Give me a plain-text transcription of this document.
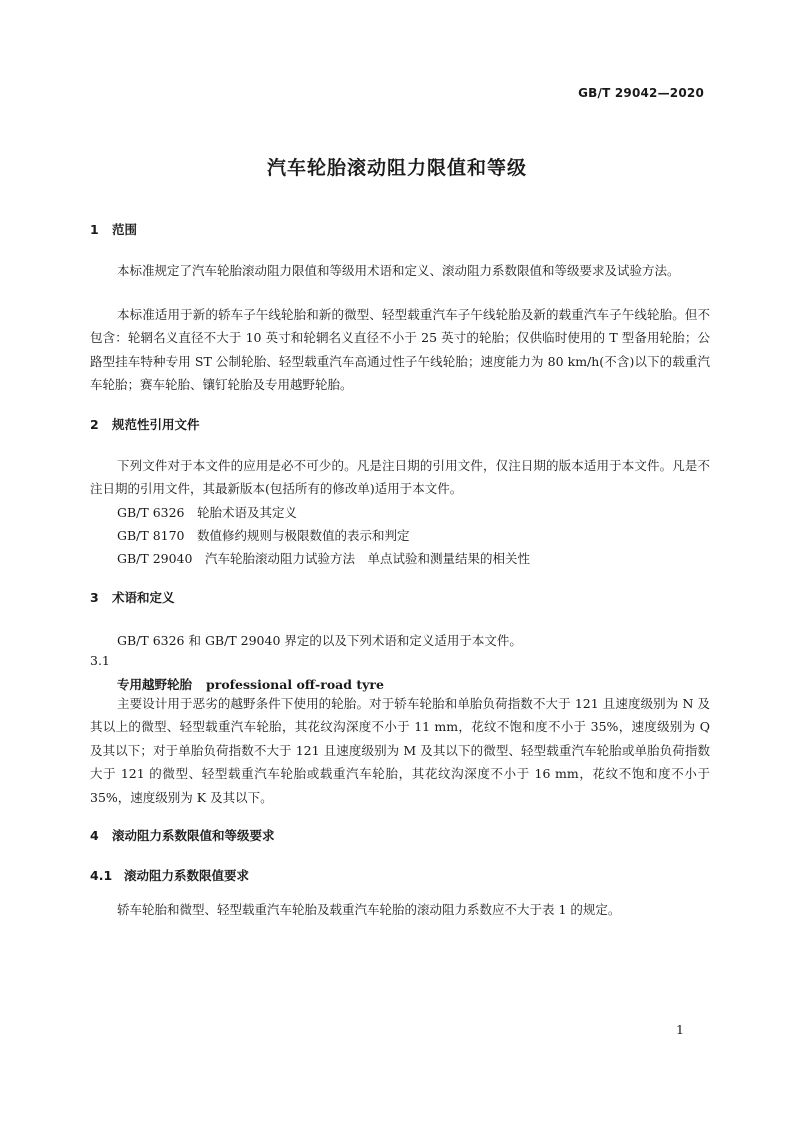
GB/T 29042—2020
汽车轮胎滚动阻力限值和等级
1 范围
本标准规定了汽车轮胎滚动阻力限值和等级用术语和定义、滚动阻力系数限值和等级要求及试验方法。
本标准适用于新的轿车子午线轮胎和新的微型、轻型载重汽车子午线轮胎及新的载重汽车子午线轮胎。但不包含：轮辋名义直径不大于 10 英寸和轮辋名义直径不小于 25 英寸的轮胎；仅供临时使用的 T 型备用轮胎；公路型挂车特种专用 ST 公制轮胎、轻型载重汽车高通过性子午线轮胎；速度能力为 80 km/h(不含)以下的载重汽车轮胎；赛车轮胎、镶钉轮胎及专用越野轮胎。
2 规范性引用文件
下列文件对于本文件的应用是必不可少的。凡是注日期的引用文件，仅注日期的版本适用于本文件。凡是不注日期的引用文件，其最新版本(包括所有的修改单)适用于本文件。
GB/T 6326　轮胎术语及其定义
GB/T 8170　数值修约规则与极限数值的表示和判定
GB/T 29040　汽车轮胎滚动阻力试验方法　单点试验和测量结果的相关性
3 术语和定义
GB/T 6326 和 GB/T 29040 界定的以及下列术语和定义适用于本文件。
3.1
专用越野轮胎 professional off-road tyre
主要设计用于恶劣的越野条件下使用的轮胎。对于轿车轮胎和单胎负荷指数不大于 121 且速度级别为 N 及其以上的微型、轻型载重汽车轮胎，其花纹沟深度不小于 11 mm，花纹不饱和度不小于 35%，速度级别为 Q 及其以下；对于单胎负荷指数不大于 121 且速度级别为 M 及其以下的微型、轻型载重汽车轮胎或单胎负荷指数大于 121 的微型、轻型载重汽车轮胎或载重汽车轮胎，其花纹沟深度不小于 16 mm，花纹不饱和度不小于 35%，速度级别为 K 及其以下。
4 滚动阻力系数限值和等级要求
4.1 滚动阻力系数限值要求
轿车轮胎和微型、轻型载重汽车轮胎及载重汽车轮胎的滚动阻力系数应不大于表 1 的规定。
1
